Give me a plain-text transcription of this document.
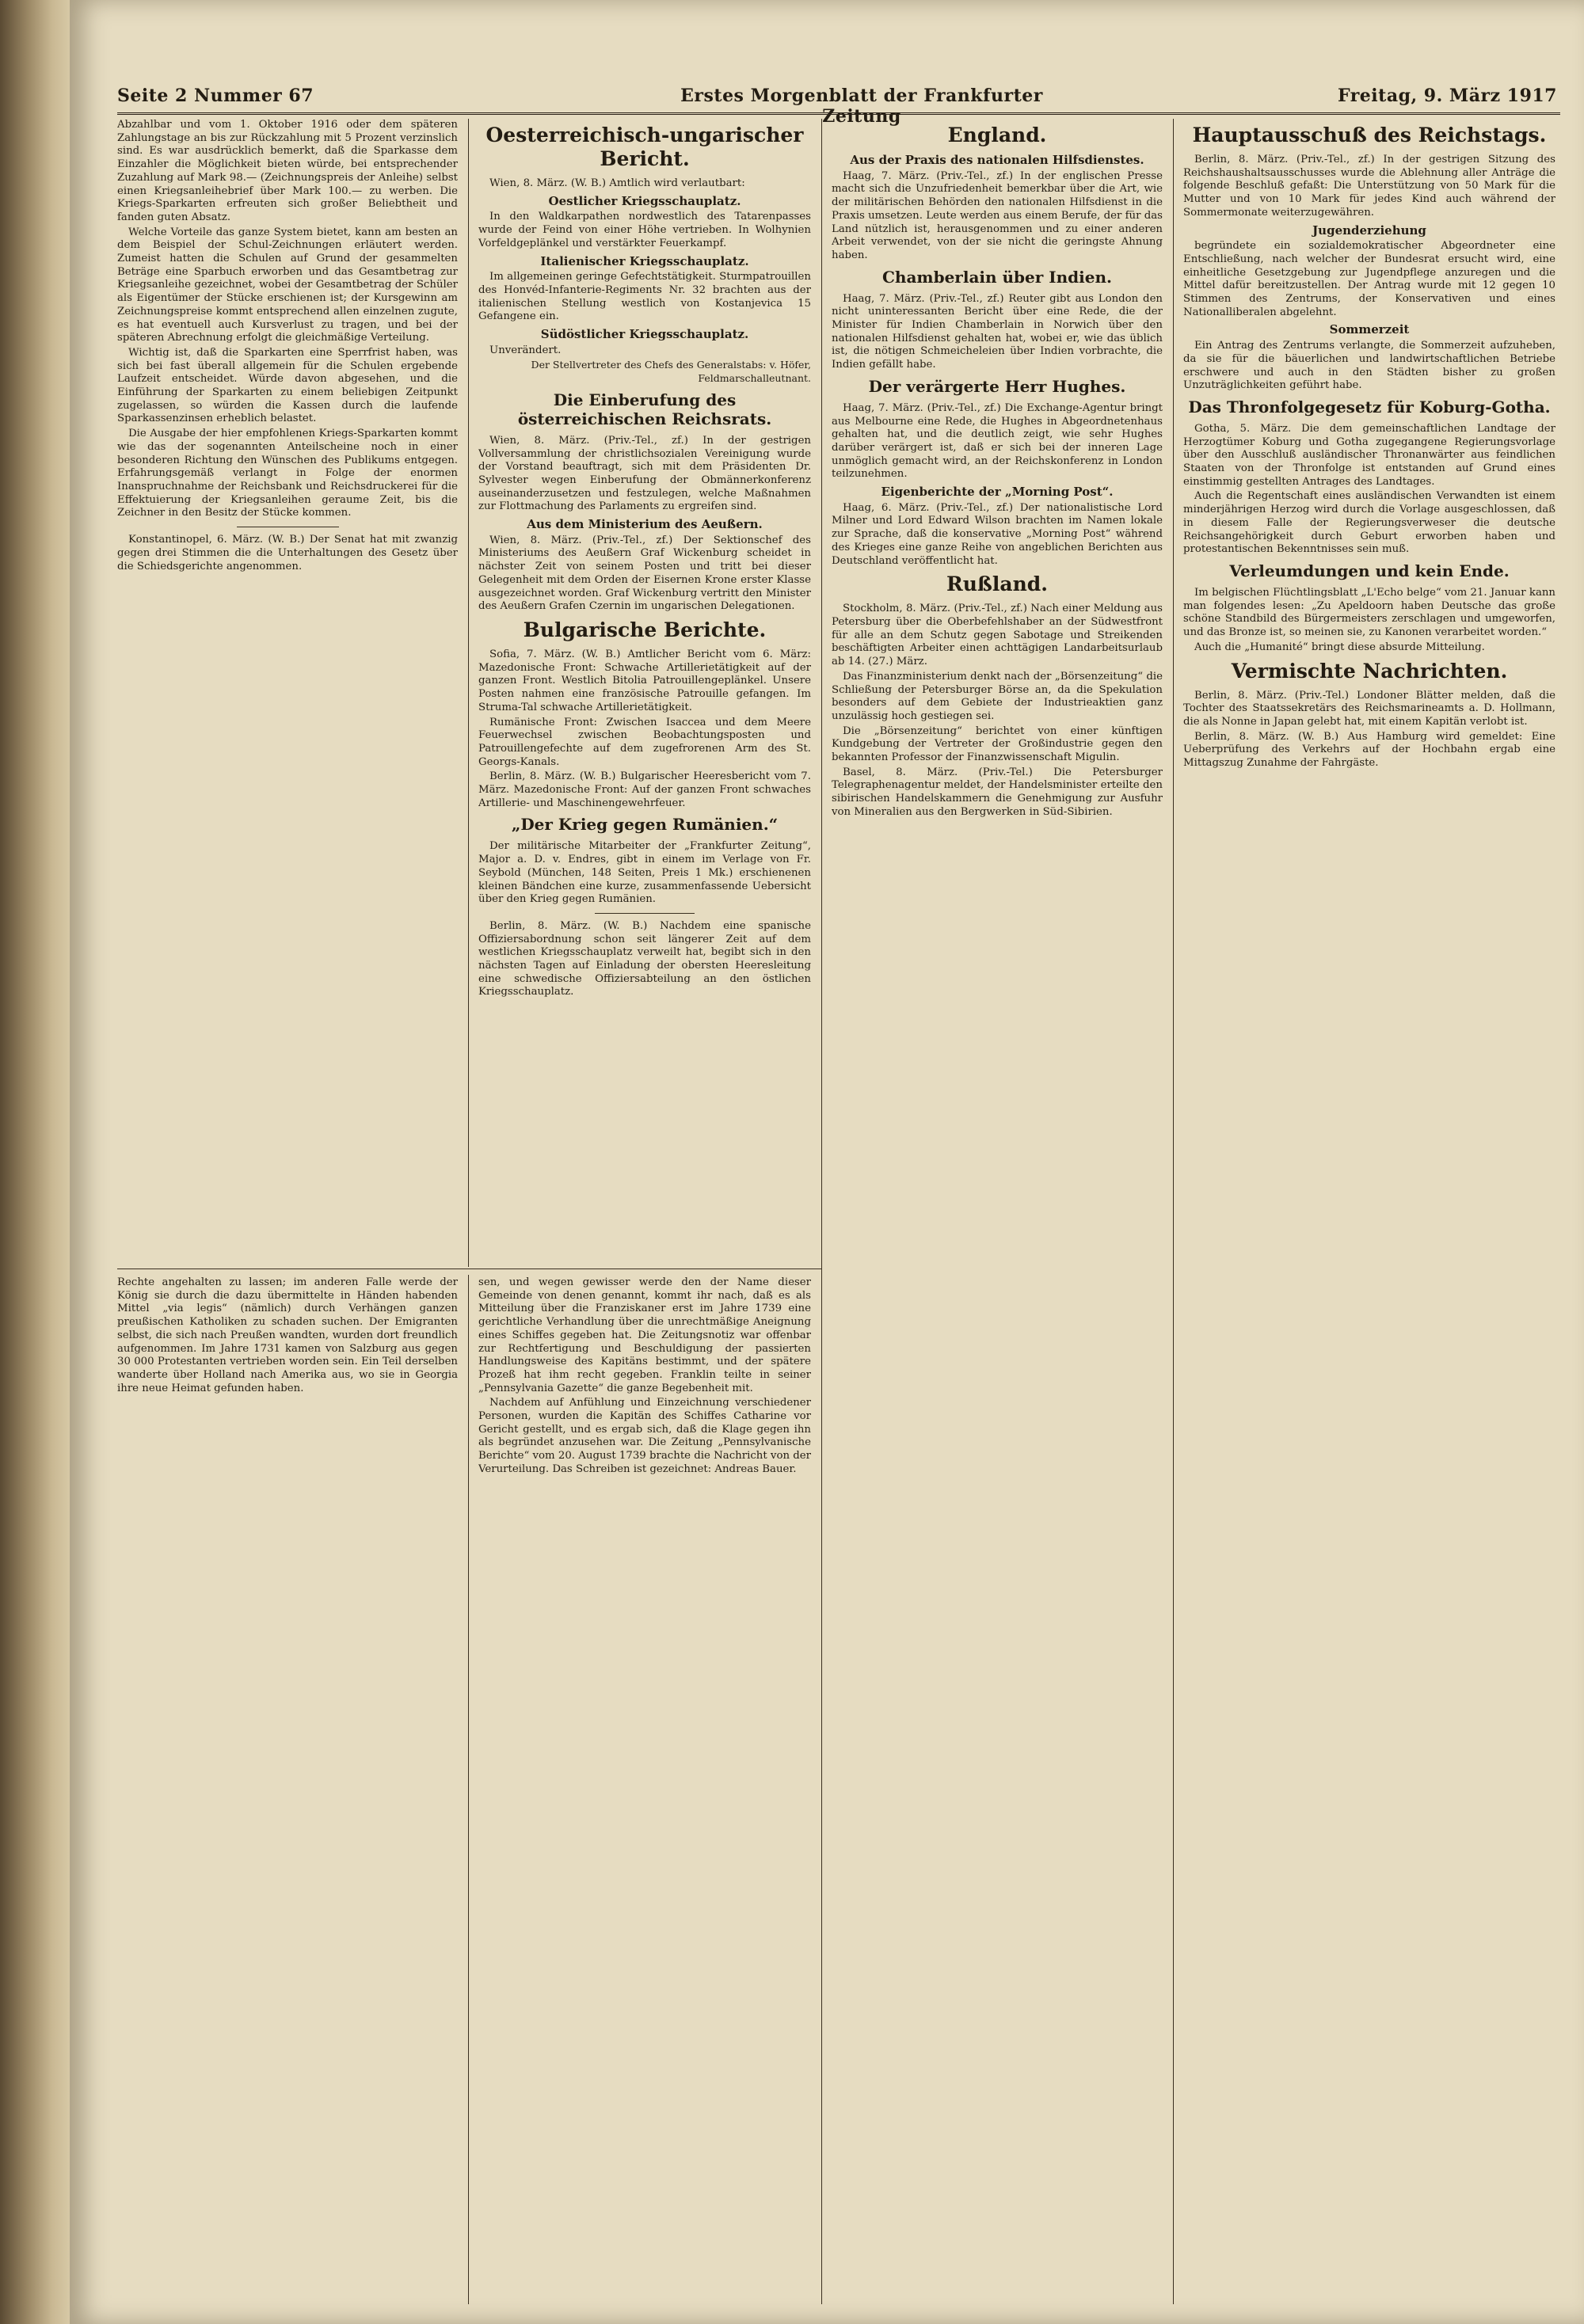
Seite 2 Nummer 67	Erstes Morgenblatt der Frankfurter Zeitung
Freitag, 9. März 1917

Abzahlbar und vom 1. Oktober 1916 oder dem späteren Zahlungstage an bis zur Rückzahlung mit 5 Prozent verzinslich sind. Es war ausdrücklich bemerkt, daß die Sparkasse dem Einzahler die Möglichkeit bieten würde, bei entsprechender Zuzahlung auf Mark 98.— (Zeichnungspreis der Anleihe) selbst einen Kriegsanleihebrief über Mark 100.— zu werben. Die Kriegs-Sparkarten erfreuten sich großer Beliebtheit und fanden guten Absatz.

Welche Vorteile das ganze System bietet, kann am besten an dem Beispiel der Schul-Zeichnungen erläutert werden. Zumeist hatten die Schulen auf Grund der gesammelten Beträge eine Sparbuch erworben und das Gesamtbetrag zur Kriegsanleihe gezeichnet, wobei der Gesamtbetrag der Schüler als Eigentümer der Stücke erschienen ist; der Kursgewinn am Zeichnungspreise kommt entsprechend allen einzelnen zugute, es hat eventuell auch Kursverlust zu tragen, und bei der späteren Abrechnung erfolgt die gleichmäßige Verteilung.

Wichtig ist, daß die Sparkarten eine Sperrfrist haben, was sich bei fast überall allgemein für die Schulen ergebende Laufzeit entscheidet. Würde davon abgesehen, und die Einführung der Sparkarten zu einem beliebigen Zeitpunkt zugelassen, so würden die Kassen durch die laufende Sparkassenzinsen erheblich belastet.

Die Ausgabe der hier empfohlenen Kriegs-Sparkarten kommt wie das der sogenannten Anteilscheine noch in einer besonderen Richtung den Wünschen des Publikums entgegen. Erfahrungsgemäß verlangt in Folge der enormen Inanspruchnahme der Reichsbank und Reichsdruckerei für die Effektuierung der Kriegsanleihen geraume Zeit, bis die Zeichner in den Besitz der Stücke kommen.

Konstantinopel, 6. März. (W. B.) Der Senat hat mit zwanzig gegen drei Stimmen die die Unterhaltungen des Gesetz über die Schiedsgerichte angenommen.

Oesterreichisch-ungarischer Bericht.

Wien, 8. März. (W. B.) Amtlich wird verlautbart:

Oestlicher Kriegsschauplatz.

In den Waldkarpathen nordwestlich des Tatarenpasses wurde der Feind von einer Höhe vertrieben. In Wolhynien Vorfeldgeplänkel und verstärkter Feuerkampf.

Italienischer Kriegsschauplatz.

Im allgemeinen geringe Gefechtstätigkeit. Sturmpatrouillen des Honvéd-Infanterie-Regiments Nr. 32 brachten aus der italienischen Stellung westlich von Kostanjevica 15 Gefangene ein.

Südöstlicher Kriegsschauplatz.

Unverändert.

Der Stellvertreter des Chefs des Generalstabs: v. Höfer, Feldmarschalleutnant.

Die Einberufung des österreichischen Reichsrats.

Wien, 8. März. (Priv.-Tel., zf.) In der gestrigen Vollversammlung der christlichsozialen Vereinigung wurde der Vorstand beauftragt, sich mit dem Präsidenten Dr. Sylvester wegen Einberufung der Obmännerkonferenz auseinanderzusetzen und festzulegen, welche Maßnahmen zur Flottmachung des Parlaments zu ergreifen sind.

Aus dem Ministerium des Aeußern.

Wien, 8. März. (Priv.-Tel., zf.) Der Sektionschef des Ministeriums des Aeußern Graf Wickenburg scheidet in nächster Zeit von seinem Posten und tritt bei dieser Gelegenheit mit dem Orden der Eisernen Krone erster Klasse ausgezeichnet worden. Graf Wickenburg vertritt den Minister des Aeußern Grafen Czernin im ungarischen Delegationen.

Bulgarische Berichte.

Sofia, 7. März. (W. B.) Amtlicher Bericht vom 6. März: Mazedonische Front: Schwache Artillerietätigkeit auf der ganzen Front. Westlich Bitolia Patrouillengeplänkel. Unsere Posten nahmen eine französische Patrouille gefangen. Im Struma-Tal schwache Artillerietätigkeit.

Rumänische Front: Zwischen Isaccea und dem Meere Feuerwechsel zwischen Beobachtungsposten und Patrouillengefechte auf dem zugefrorenen Arm des St. Georgs-Kanals.

Berlin, 8. März. (W. B.) Bulgarischer Heeresbericht vom 7. März. Mazedonische Front: Auf der ganzen Front schwaches Artillerie- und Maschinengewehrfeuer.

„Der Krieg gegen Rumänien.“

Der militärische Mitarbeiter der „Frankfurter Zeitung“, Major a. D. v. Endres, gibt in einem im Verlage von Fr. Seybold (München, 148 Seiten, Preis 1 Mk.) erschienenen kleinen Bändchen eine kurze, zusammenfassende Uebersicht über den Krieg gegen Rumänien.

Berlin, 8. März. (W. B.) Nachdem eine spanische Offiziersabordnung schon seit längerer Zeit auf dem westlichen Kriegsschauplatz verweilt hat, begibt sich in den nächsten Tagen auf Einladung der obersten Heeresleitung eine schwedische Offiziersabteilung an den östlichen Kriegsschauplatz.

England.
Aus der Praxis des nationalen Hilfsdienstes.

Haag, 7. März. (Priv.-Tel., zf.) In der englischen Presse macht sich die Unzufriedenheit bemerkbar über die Art, wie der militärischen Behörden den nationalen Hilfsdienst in die Praxis umsetzen. Leute werden aus einem Berufe, der für das Land nützlich ist, herausgenommen und zu einer anderen Arbeit verwendet, von der sie nicht die geringste Ahnung haben.

Chamberlain über Indien.

Haag, 7. März. (Priv.-Tel., zf.) Reuter gibt aus London den nicht uninteressanten Bericht über eine Rede, die der Minister für Indien Chamberlain in Norwich über den nationalen Hilfsdienst gehalten hat, wobei er, wie das üblich ist, die nötigen Schmeicheleien über Indien vorbrachte, die Indien gefällt habe.

Der verärgerte Herr Hughes.

Haag, 7. März. (Priv.-Tel., zf.) Die Exchange-Agentur bringt aus Melbourne eine Rede, die Hughes in Abgeordnetenhaus gehalten hat, und die deutlich zeigt, wie sehr Hughes darüber verärgert ist, daß er sich bei der inneren Lage unmöglich gemacht wird, an der Reichskonferenz in London teilzunehmen.

Eigenberichte der „Morning Post“.

Haag, 6. März. (Priv.-Tel., zf.) Der nationalistische Lord Milner und Lord Edward Wilson brachten im Namen lokale zur Sprache, daß die konservative „Morning Post“ während des Krieges eine ganze Reihe von angeblichen Berichten aus Deutschland veröffentlicht hat.

Rußland.

Stockholm, 8. März. (Priv.-Tel., zf.) Nach einer Meldung aus Petersburg über die Oberbefehlshaber an der Südwestfront für alle an dem Schutz gegen Sabotage und Streikenden beschäftigten Arbeiter einen achttägigen Landarbeitsurlaub ab 14. (27.) März.

Das Finanzministerium denkt nach der „Börsenzeitung“ die Schließung der Petersburger Börse an, da die Spekulation besonders auf dem Gebiete der Industrieaktien ganz unzulässig hoch gestiegen sei.

Die „Börsenzeitung“ berichtet von einer künftigen Kundgebung der Vertreter der Großindustrie gegen den bekannten Professor der Finanzwissenschaft Migulin.

Basel, 8. März. (Priv.-Tel.) Die Petersburger Telegraphenagentur meldet, der Handelsminister erteilte den sibirischen Handelskammern die Genehmigung zur Ausfuhr von Mineralien aus den Bergwerken in Süd-Sibirien.

Hauptausschuß des Reichstags.

Berlin, 8. März. (Priv.-Tel., zf.) In der gestrigen Sitzung des Reichshaushaltsausschusses wurde die Ablehnung aller Anträge die folgende Beschluß gefaßt: Die Unterstützung von 50 Mark für die Mutter und von 10 Mark für jedes Kind auch während der Sommermonate weiterzugewähren.

Jugenderziehung

begründete ein sozialdemokratischer Abgeordneter eine Entschließung, nach welcher der Bundesrat ersucht wird, eine einheitliche Gesetzgebung zur Jugendpflege anzuregen und die Mittel dafür bereitzustellen. Der Antrag wurde mit 12 gegen 10 Stimmen des Zentrums, der Konservativen und eines Nationalliberalen abgelehnt.

Sommerzeit

Ein Antrag des Zentrums verlangte, die Sommerzeit aufzuheben, da sie für die bäuerlichen und landwirtschaftlichen Betriebe erschwere und auch in den Städten bisher zu großen Unzuträglichkeiten geführt habe.

Das Thronfolgegesetz für Koburg-Gotha.

Gotha, 5. März. Die dem gemeinschaftlichen Landtage der Herzogtümer Koburg und Gotha zugegangene Regierungsvorlage über den Ausschluß ausländischer Thronanwärter aus feindlichen Staaten von der Thronfolge ist entstanden auf Grund eines einstimmig gestellten Antrages des Landtages.

Auch die Regentschaft eines ausländischen Verwandten ist einem minderjährigen Herzog wird durch die Vorlage ausgeschlossen, daß in diesem Falle der Regierungsverweser die deutsche Reichsangehörigkeit durch Geburt erworben haben und protestantischen Bekenntnisses sein muß.

Verleumdungen und kein Ende.

Im belgischen Flüchtlingsblatt „L'Echo belge“ vom 21. Januar kann man folgendes lesen: „Zu Apeldoorn haben Deutsche das große schöne Standbild des Bürgermeisters zerschlagen und umgeworfen, und das Bronze ist, so meinen sie, zu Kanonen verarbeitet worden.“

Auch die „Humanité“ bringt diese absurde Mitteilung.

Vermischte Nachrichten.

Berlin, 8. März. (Priv.-Tel.) Londoner Blätter melden, daß die Tochter des Staatssekretärs des Reichsmarineamts a. D. Hollmann, die als Nonne in Japan gelebt hat, mit einem Kapitän verlobt ist.

Berlin, 8. März. (W. B.) Aus Hamburg wird gemeldet: Eine Ueberprüfung des Verkehrs auf der Hochbahn ergab eine Mittagszug Zunahme der Fahrgäste.

Rechte angehalten zu lassen; im anderen Falle werde der König sie durch die dazu übermittelte in Händen habenden Mittel „via legis“ (nämlich) durch Verhängen ganzen preußischen Katholiken zu schaden suchen. Der Emigranten selbst, die sich nach Preußen wandten, wurden dort freundlich aufgenommen. Im Jahre 1731 kamen von Salzburg aus gegen 30 000 Protestanten vertrieben worden sein. Ein Teil derselben wanderte über Holland nach Amerika aus, wo sie in Georgia ihre neue Heimat gefunden haben.

sen, und wegen gewisser werde den der Name dieser Gemeinde von denen genannt, kommt ihr nach, daß es als Mitteilung über die Franziskaner erst im Jahre 1739 eine gerichtliche Verhandlung über die unrechtmäßige Aneignung eines Schiffes gegeben hat. Die Zeitungsnotiz war offenbar zur Rechtfertigung und Beschuldigung der passierten Handlungsweise des Kapitäns bestimmt, und der spätere Prozeß hat ihm recht gegeben. Franklin teilte in seiner „Pennsylvania Gazette“ die ganze Begebenheit mit.

Nachdem auf Anfühlung und Einzeichnung verschiedener Personen, wurden die Kapitän des Schiffes Catharine vor Gericht gestellt, und es ergab sich, daß die Klage gegen ihn als begründet anzusehen war. Die Zeitung „Pennsylvanische Berichte“ vom 20. August 1739 brachte die Nachricht von der Verurteilung. Das Schreiben ist gezeichnet: Andreas Bauer.
